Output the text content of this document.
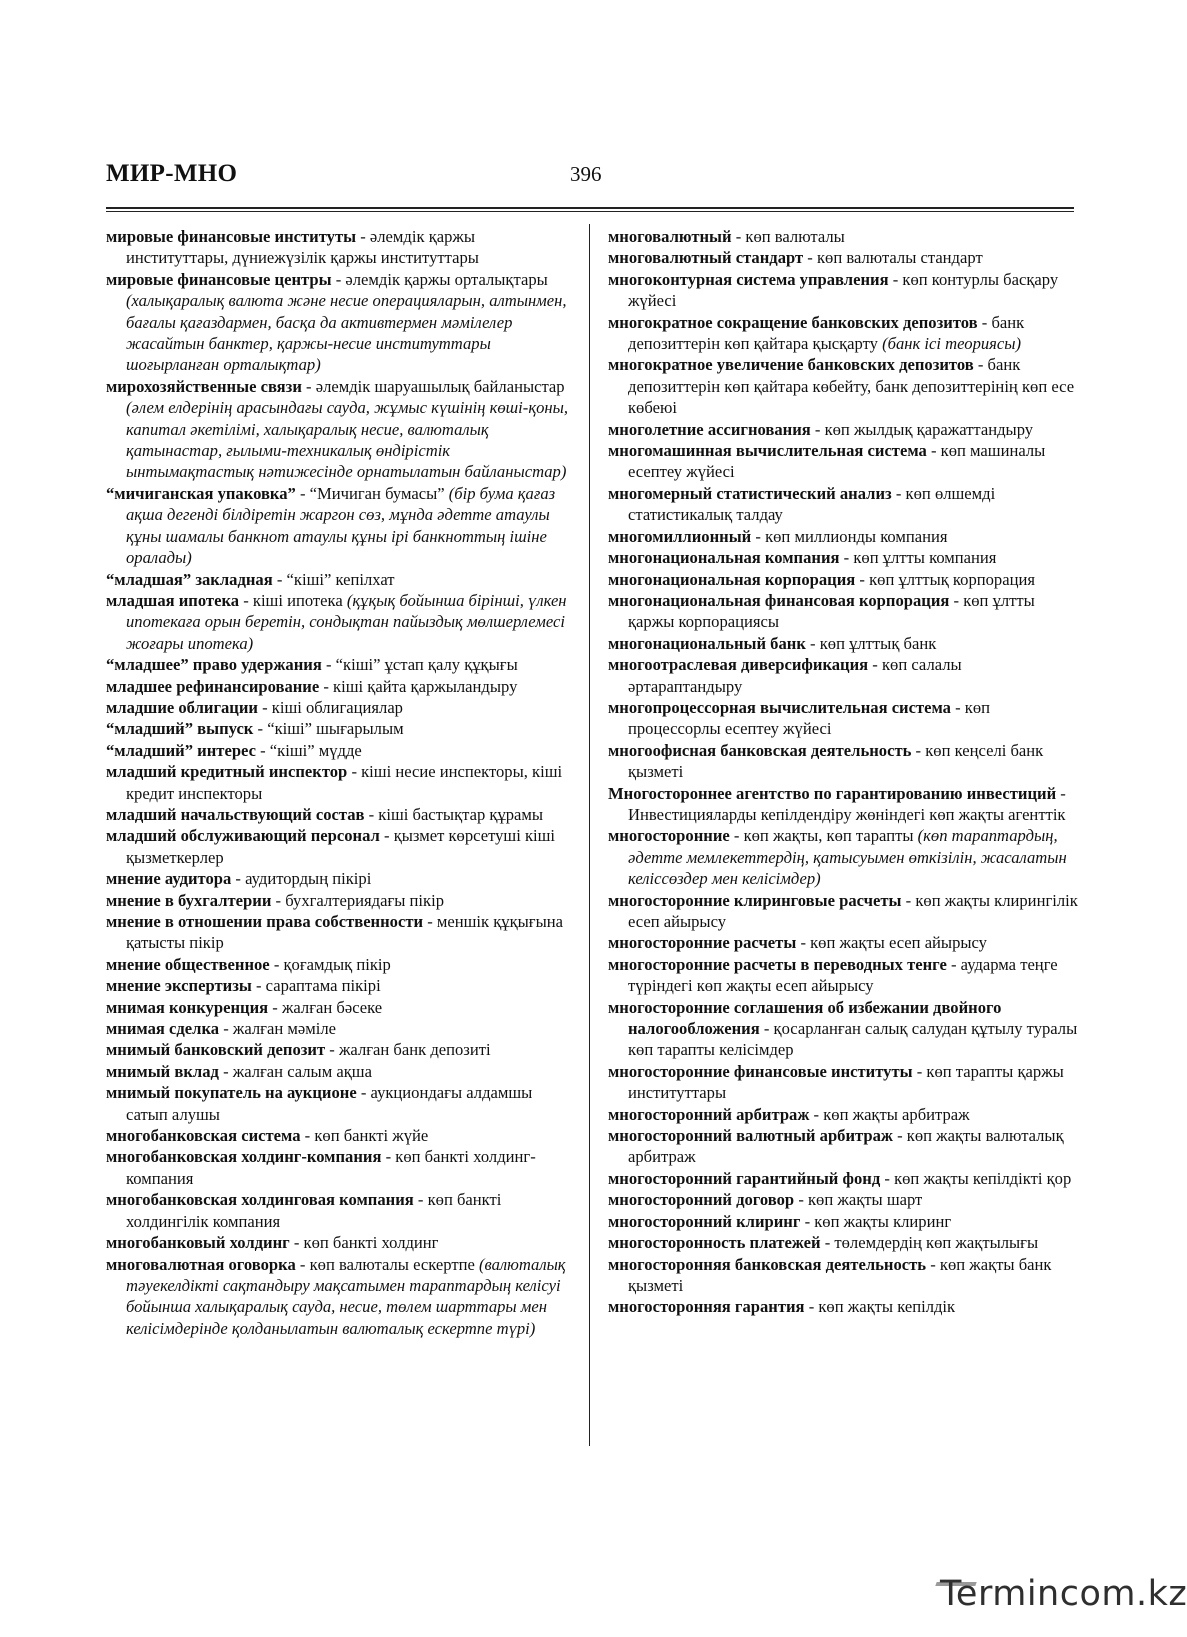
МИР-МНО	396

мировые финансовые институты - әлемдік қаржы институттары, дүниежүзілік қаржы институттары

мировые финансовые центры - әлемдік қаржы орталықтары (халықаралық валюта және несие операцияларын, алтынмен, бағалы қағаздармен, басқа да активтермен мәмілелер жасайтын банктер, қаржы-несие институттары шоғырланған орталықтар)

мирохозяйственные связи - әлемдік шаруашылық байланыстар (әлем елдерінің арасындағы сауда, жұмыс күшінің көші-қоны, капитал әкетілімі, халықаралық несие, валюталық қатынастар, ғылыми-техникалық өндірістік ынтымақтастық нәтижесінде орнатылатын байланыстар)

“мичиганская упаковка” - “Мичиган бумасы” (бір бума қағаз ақша дегенді білдіретін жаргон сөз, мұнда әдетте атаулы құны шамалы банкнот атаулы құны ірі банкноттың ішіне оралады)

“младшая” закладная - “кіші” кепілхат

младшая ипотека - кіші ипотека (құқық бойынша бірінші, үлкен ипотекаға орын беретін, сондықтан пайыздық мөлшерлемесі жоғары ипотека)

“младшее” право удержания - “кіші” ұстап қалу құқығы

младшее рефинансирование - кіші қайта қаржыландыру

младшие облигации - кіші облигациялар

“младший” выпуск - “кіші” шығарылым

“младший” интерес - “кіші” мүдде

младший кредитный инспектор - кіші несие инспекторы, кіші кредит инспекторы

младший начальствующий состав - кіші бастықтар құрамы

младший обслуживающий персонал - қызмет көрсетуші кіші қызметкерлер

мнение аудитора - аудитордың пікірі

мнение в бухгалтерии - бухгалтериядағы пікір

мнение в отношении права собственности - меншік құқығына қатысты пікір

мнение общественное - қоғамдық пікір

мнение экспертизы - сараптама пікірі

мнимая конкуренция - жалған бәсеке

мнимая сделка - жалған мәміле

мнимый банковский депозит - жалған банк депозиті

мнимый вклад - жалған салым ақша

мнимый покупатель на аукционе - аукциондағы алдамшы сатып алушы

многобанковская система - көп банкті жүйе

многобанковская холдинг-компания - көп банкті холдинг-компания

многобанковская холдинговая компания - көп банкті холдингілік компания

многобанковый холдинг - көп банкті холдинг

многовалютная оговорка - көп валюталы ескертпе (валюталық тәуекелдікті сақтандыру мақсатымен тараптардың келісуі бойынша халықаралық сауда, несие, төлем шарттары мен келісімдерінде қолданылатын валюталық ескертпе түрі)

многовалютный - көп валюталы

многовалютный стандарт - көп валюталы стандарт

многоконтурная система управления - көп контурлы басқару жүйесі

многократное сокращение банковских депозитов - банк депозиттерін көп қайтара қысқарту (банк ісі теориясы)

многократное увеличение банковских депозитов - банк депозиттерін көп қайтара көбейту, банк депозиттерінің көп есе көбеюі

многолетние ассигнования - көп жылдық қаражаттандыру

многомашинная вычислительная система - көп машиналы есептеу жүйесі

многомерный статистический анализ - көп өлшемді статистикалық талдау

многомиллионный - көп миллионды компания

многонациональная компания - көп ұлтты компания

многонациональная корпорация - көп ұлттық корпорация

многонациональная финансовая корпорация - көп ұлтты қаржы корпорациясы

многонациональный банк - көп ұлттық банк

многоотраслевая диверсификация - көп салалы әртараптандыру

многопроцессорная вычислительная система - көп процессорлы есептеу жүйесі

многоофисная банковская деятельность - көп кеңселі банк қызметі

Многостороннее агентство по гарантированию инвестиций - Инвестицияларды кепілдендіру жөніндегі көп жақты агенттік

многосторонние - көп жақты, көп тарапты (көп тараптардың, әдетте мемлекеттердің, қатысуымен өткізілін, жасалатын келіссөздер мен келісімдер)

многосторонние клиринговые расчеты - көп жақты клирингілік есеп айырысу

многосторонние расчеты - көп жақты есеп айырысу

многосторонние расчеты в переводных тенге - аударма теңге түріндегі көп жақты есеп айырысу

многосторонние соглашения об избежании двойного налогообложения - қосарланған салық салудан құтылу туралы көп тарапты келісімдер

многосторонние финансовые институты - көп тарапты қаржы институттары

многосторонний арбитраж - көп жақты арбитраж

многосторонний валютный арбитраж - көп жақты валюталық арбитраж

многосторонний гарантийный фонд - көп жақты кепілдікті қор

многосторонний договор - көп жақты шарт

многосторонний клиринг - көп жақты клиринг

многосторонность платежей - төлемдердің көп жақтылығы

многосторонняя банковская деятельность - көп жақты банк қызметі

многосторонняя гарантия - көп жақты кепілдік

Termincom.kz
